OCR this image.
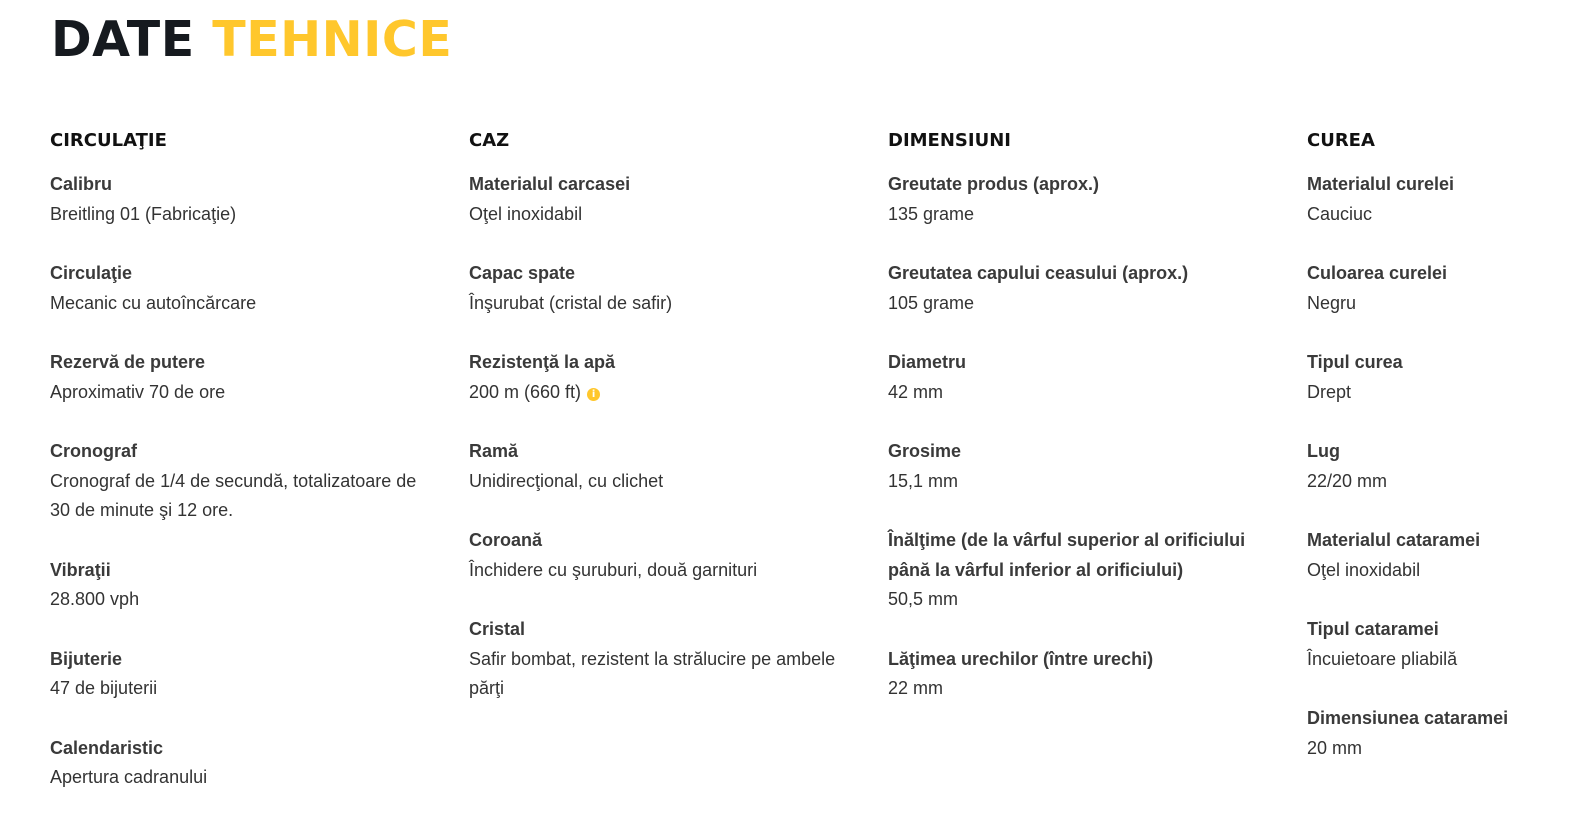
DATE TEHNICE
CIRCULAŢIE
Calibru
Breitling 01 (Fabricaţie)
Circulaţie
Mecanic cu autoîncărcare
Rezervă de putere
Aproximativ 70 de ore
Cronograf
Cronograf de 1/4 de secundă, totalizatoare de 30 de minute şi 12 ore.
Vibraţii
28.800 vph
Bijuterie
47 de bijuterii
Calendaristic
Apertura cadranului
CAZ
Materialul carcasei
Oţel inoxidabil
Capac spate
Înşurubat (cristal de safir)
Rezistenţă la apă
200 m (660 ft) i
Ramă
Unidirecţional, cu clichet
Coroană
Închidere cu şuruburi, două garnituri
Cristal
Safir bombat, rezistent la strălucire pe ambele părţi
DIMENSIUNI
Greutate produs (aprox.)
135 grame
Greutatea capului ceasului (aprox.)
105 grame
Diametru
42 mm
Grosime
15,1 mm
Înălţime (de la vârful superior al orificiului până la vârful inferior al orificiului)
50,5 mm
Lăţimea urechilor (între urechi)
22 mm
CUREA
Materialul curelei
Cauciuc
Culoarea curelei
Negru
Tipul curea
Drept
Lug
22/20 mm
Materialul cataramei
Oţel inoxidabil
Tipul cataramei
Încuietoare pliabilă
Dimensiunea cataramei
20 mm
